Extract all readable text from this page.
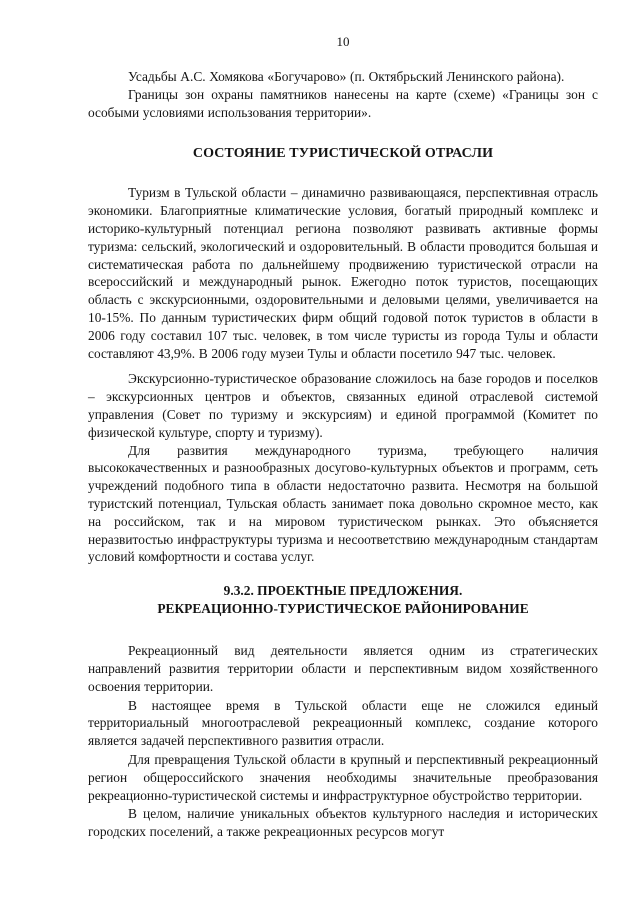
10

Усадьбы А.С. Хомякова «Богучарово» (п. Октябрьский Ленинского района).

Границы зон охраны памятников нанесены на карте (схеме) «Границы зон с особыми условиями использования территории».

СОСТОЯНИЕ ТУРИСТИЧЕСКОЙ ОТРАСЛИ

Туризм в Тульской области – динамично развивающаяся, перспективная отрасль экономики. Благоприятные климатические условия, богатый природный комплекс и историко-культурный потенциал региона позволяют развивать активные формы туризма: сельский, экологический и оздоровительный. В области проводится большая и систематическая работа по дальнейшему продвижению туристической отрасли на всероссийский и международный рынок. Ежегодно поток туристов, посещающих область с экскурсионными, оздоровительными и деловыми целями, увеличивается на 10-15%. По данным туристических фирм общий годовой поток туристов в области в 2006 году составил 107 тыс. человек, в том числе туристы из города Тулы и области составляют 43,9%. В 2006 году музеи Тулы и области посетило 947 тыс. человек.

Экскурсионно-туристическое образование сложилось на базе городов и поселков – экскурсионных центров и объектов, связанных единой отраслевой системой управления (Совет по туризму и экскурсиям) и единой программой (Комитет по физической культуре, спорту и туризму).

Для развития международного туризма, требующего наличия высококачественных и разнообразных досугово-культурных объектов и программ, сеть учреждений подобного типа в области недостаточно развита. Несмотря на большой туристский потенциал, Тульская область занимает пока довольно скромное место, как на российском, так и на мировом туристическом рынках. Это объясняется неразвитостью инфраструктуры туризма и несоответствию международным стандартам условий комфортности и состава услуг.

9.3.2. ПРОЕКТНЫЕ ПРЕДЛОЖЕНИЯ.
РЕКРЕАЦИОННО-ТУРИСТИЧЕСКОЕ РАЙОНИРОВАНИЕ

Рекреационный вид деятельности является одним из стратегических направлений развития территории области и перспективным видом хозяйственного освоения территории.

В настоящее время в Тульской области еще не сложился единый территориальный многоотраслевой рекреационный комплекс, создание которого является задачей перспективного развития отрасли.

Для превращения Тульской области в крупный и перспективный рекреационный регион общероссийского значения необходимы значительные преобразования рекреационно-туристической системы и инфраструктурное обустройство территории.

В целом, наличие уникальных объектов культурного наследия и исторических городских поселений, а также рекреационных ресурсов могут
